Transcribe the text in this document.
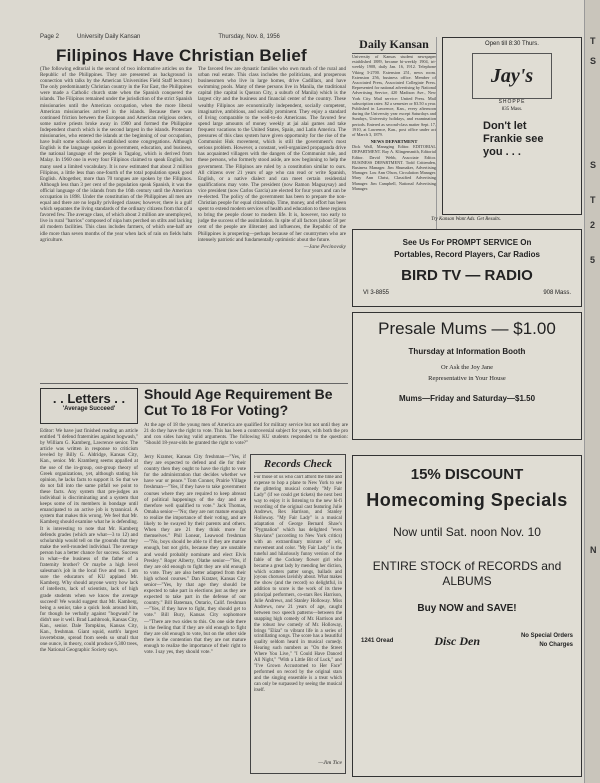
Page 2	University Daily Kansan	Thursday, Nov. 8, 1956	T
S
S
T
2
5
N
Filipinos Have Christian Belief

(The following editorial is the second of two informative articles on the Republic of the Philippines. They are presented as background in connection with talks by the American Universities Field Staff lecturer.) The only predominantly Christian country in the Far East, the Philippines were made a Catholic church state when the Spanish conquered the islands. The Filipinos remained under the jurisdiction of the strict Spanish missionaries until the American occupation, when the more liberal American missionaries arrived in the islands. Because there was continued friction between the European and American religious orders, some native priests broke away in 1900 and formed the Philippine Independent church which is the second largest in the islands. Protestant missionaries, who entered the islands at the beginning of our occupation, have built some schools and established some congregations. Although English is the language spoken in government, education, and business, the national language of the people is Tagalog, which is derived from Malay. In 1960 one in every four Filipinos claimed to speak English, but many used a limited vocabulary. It is now estimated that about 2 million Filipinos, a little less than one-fourth of the total population speak good English. Altogether, more than 70 tongues are spoken by the Filipinos. Although less than 3 per cent of the population speak Spanish, it was the official language of the islands from the 16th century until the American occupation in 1898. Under the constitution of the Philippines all men are equal and there are no legally privileged classes; however, there is a gulf which separates the living standards of the ordinary citizens from that of a favored few. The average class, of which about 2 million are unemployed, live in rural "barrios" composed of nipa huts perched on stilts and lacking all modern facilities. This class includes farmers, of which one-half are idle more than seven months of the year when lack of rain on fields halts agriculture.

The favored few are dynastic families who own much of the rural and urban real estate. This class includes the politicians, and prosperous businessmen who live in large homes, drive Cadillacs, and have swimming pools. Many of these persons live in Manila, the traditional capital (the capital is Quezon City, a suburb of Manila) which is the largest city and the business and financial center of the country. These wealthy Filipinos are economically independent, socially competent, imaginative, ambitious, and socially prominent. They enjoy a standard of living comparable to the well-to-do Americans. The favored few spend large amounts of money weekly at jai alai games and take frequent vacations to the United States, Spain, and Latin America. The pressures of this class system have given opportunity for the rise of the Communist Huk movement, which is still the government's most serious problem. However, a constant, well-organized propaganda drive has acquainted villagers with the dangers of the Communist rule, and these persons, who formerly stood aside, are now beginning to help the government. The Filipinos are ruled by a constitution similar to ours. All citizens over 21 years of age who can read or write Spanish, English, or a native dialect and can meet certain residential qualifications may vote. The president (now Ramon Magsaysay) and vice president (now Carlos Garcia) are elected for four years and can be re-elected. The policy of the government has been to prepare the non-Christian people for equal citizenship. Time, money, and effort has been spent to extend modern services of health and education to these regions to bring the people closer to modern life. It is, however, too early to judge the success of the assimilation. In spite of all factors (about 50 per cent of the people are illiterate) and influences, the Republic of the Philippines is prospering—perhaps because of her countrymen who are intensely patriotic and fundamentally optimistic about the future.

—Jane Pecinovsky

Daily Kansan
University of Kansas student newspaper established 1889, became bi-weekly 1904, tri-weekly 1908, daily Jan. 16, 1912. Telephone Viking 3-2700. Extension 251, news room. Extension 256, business office. Member of Associated Press, Associated Collegiate Press. Represented for national advertising by National Advertising Service, 420 Madison Ave., New York City. Mail service: United Press. Mail subscription rates: $2 a semester or $3.50 a year. Published in Lawrence, Kan., every afternoon during the University year except Saturdays and Sundays, University holidays, and examination periods. Entered as second-class matter Sept. 17, 1910, at Lawrence, Kan., post office under act of March 3, 1879.
NEWS DEPARTMENT
Dick Wall, Managing Editor. EDITORIAL DEPARTMENT. Ray A. Klingensmith, Editorial Editor. David Webb, Associate Editor. BUSINESS DEPARTMENT. Todd Crittenden, Business Manager. Jim Shumaker, Advertising Manager. Lou Ann Olson, Circulation Manager. Mary Ann Christ, Classified Advertising Manager. Jim Campbell, National Advertising Manager.
Open till 8:30 Thurs.
Jay's
SHOPPE
835 Mass.
Don't let
Frankie see
you . . .
Try Kansan Want Ads. Get Results.
See Us For PROMPT SERVICE On
Portables, Record Players, Car Radios
BIRD TV — RADIO
VI 3-8855	908 Mass.
Presale Mums — $1.00
Thursday at Information Booth
Or Ask the Joy Jane
Representative in Your House
Mums—Friday and Saturday—$1.50
. . Letters . .
'Average Succeed'

Editor: We have just finished reading an article entitled "I defend fraternities against hogwash," by William G. Kamberg, Lawrence senior. The article was written in response to criticism leveled by Billy G. Aldridge, Kansas City, Kan., senior. Mr. Kramberg seems appalled at the use of the in-group, out-group theory of Greek organizations, yet, although stating his opinion, he lacks facts to support it. So that we do not fall into the same pitfall we point to these facts. Any system that pre-judges an individual is discriminating and a system that keeps some of its members in bondage until emancipated to an active job is tyrannical. A system that makes this wrong. We feel that Mr. Kamberg should examine what he is defending. It is interesting to note that Mr. Kamberg defends grades (which are what—3 to 12) and scholarship would tell on the grounds that they make the well-rounded individual. The average person has a better chance for success. Success in what—the business of the father of a fraternity brother? Or maybe a high level salesman's job in the local five and ten. I am sure the educators of KU applaud Mr. Kamberg. Why should anyone worry how lack of intellects, lack of scientists, lack of high grade students when we know the average succeed! We would suggest that Mr. Kamberg, being a senior, take a quick look around him, for though he verbally against "hogwash" he didn't use it well. Brad Lashbrook, Kansas City, Kan., senior. Dale Tompkins, Kansas City, Kan., freshman. Giant squid, earth's largest invertebrate, spread from seeds so small that one ounce, in theory, could produce 6,300 trees, the National Geographic Society says.

Should Age Requirement Be Cut To 18 For Voting?

At the age of 18 the young men of America are qualified for military service but not until they are 21 do they have the right to vote. This has been a controversial subject for years, with both the pro and con sides having valid arguments. The following KU students responded to the question: "Should 18-year-olds be granted the right to vote?"

Jerry Kramer, Kansas City freshman—"Yes, if they are expected to defend and die for their country then they ought to have the right to vote for the administration that decides whether we have war or peace." Tom Conner, Prairie Village freshman—"Yes, if they have to take government courses where they are required to keep abreast of political happenings of the day and are therefore well qualified to vote." Jack Thomas, Omaha senior—"No; they are not mature enough to realize the importance of their voting, and are likely to be swayed by their parents and others. When they are 21 they think more for themselves." Phil Lonear, Leawood freshman—"No, boys should be able to if they are mature enough, but not girls, because they are unstable and would probably nominate and elect Elvis Presley." Roger Alberty, Olathe senior—"Yes, if they are old enough to fight they are old enough to vote. They are also better adapted from their high school courses." Dan Kratzer, Kansas City senior—"Yes, by that age they should be expected to take part in elections just as they are expected to take part in the defense of our country." Bill Bateman, Ontario, Calif. freshman—"Yes, if they have to fight, they should get to vote." Bill Bury, Kansas City sophomore—"There are two sides to this. On one side there is the feeling that if they are old enough to fight they are old enough to vote, but on the other side there is the contention that they are not mature enough to realize the importance of their right to vote. I say yes, they should vote."

Records Check
For those of us who can't afford the time and expense to hop a plane to New York to see the glittering musical comedy "My Fair Lady" (if we could get tickets) the next best way to enjoy it is listening to the new hi-fi recording of the original cast featuring Julie Andrews, Rex Harrison, and Stanley Holloway. "My Fair Lady" is a musical adaptation of George Bernard Shaw's "Pygmalion" which has delighted "even Shavians" (according to New York critics) with an extraordinary mixture of wit, movement and color. "My Fair Lady" is the tuneful and hilariously funny version of the fable of the Cockney flower girl who became a great lady by mending her diction, which scatters patter songs, ballads and joyous choruses lavishly about. What makes the show (and the record) so delightful, in addition to score is the work of its three principal performers, co-stars Rex Harrison, Julie Andrews, and Stanley Holloway. Miss Andrews, now 21 years of age, caught between two speech patterns—between the snapping high comedy of Mr. Harrison and the robust low comedy of Mr. Holloway, brings "Eliza" to vibrant life in a series of scintillating songs. The score has a beautiful quality seldom heard in musical comedy. Hearing such numbers as "On the Street Where You Live," "I Could Have Danced All Night," "With a Little Bit of Luck," and "I've Grown Accustomed to Her Face" performed on record by the original stars and the singing ensemble is a treat which can only be surpassed by seeing the musical itself.
—Jim Tice
15% DISCOUNT
Homecoming Specials
Now until Sat. noon Nov. 10
ENTIRE STOCK of RECORDS and ALBUMS
Buy NOW and SAVE!
1241 Oread	Disc Den	No Special Orders
No Charges
